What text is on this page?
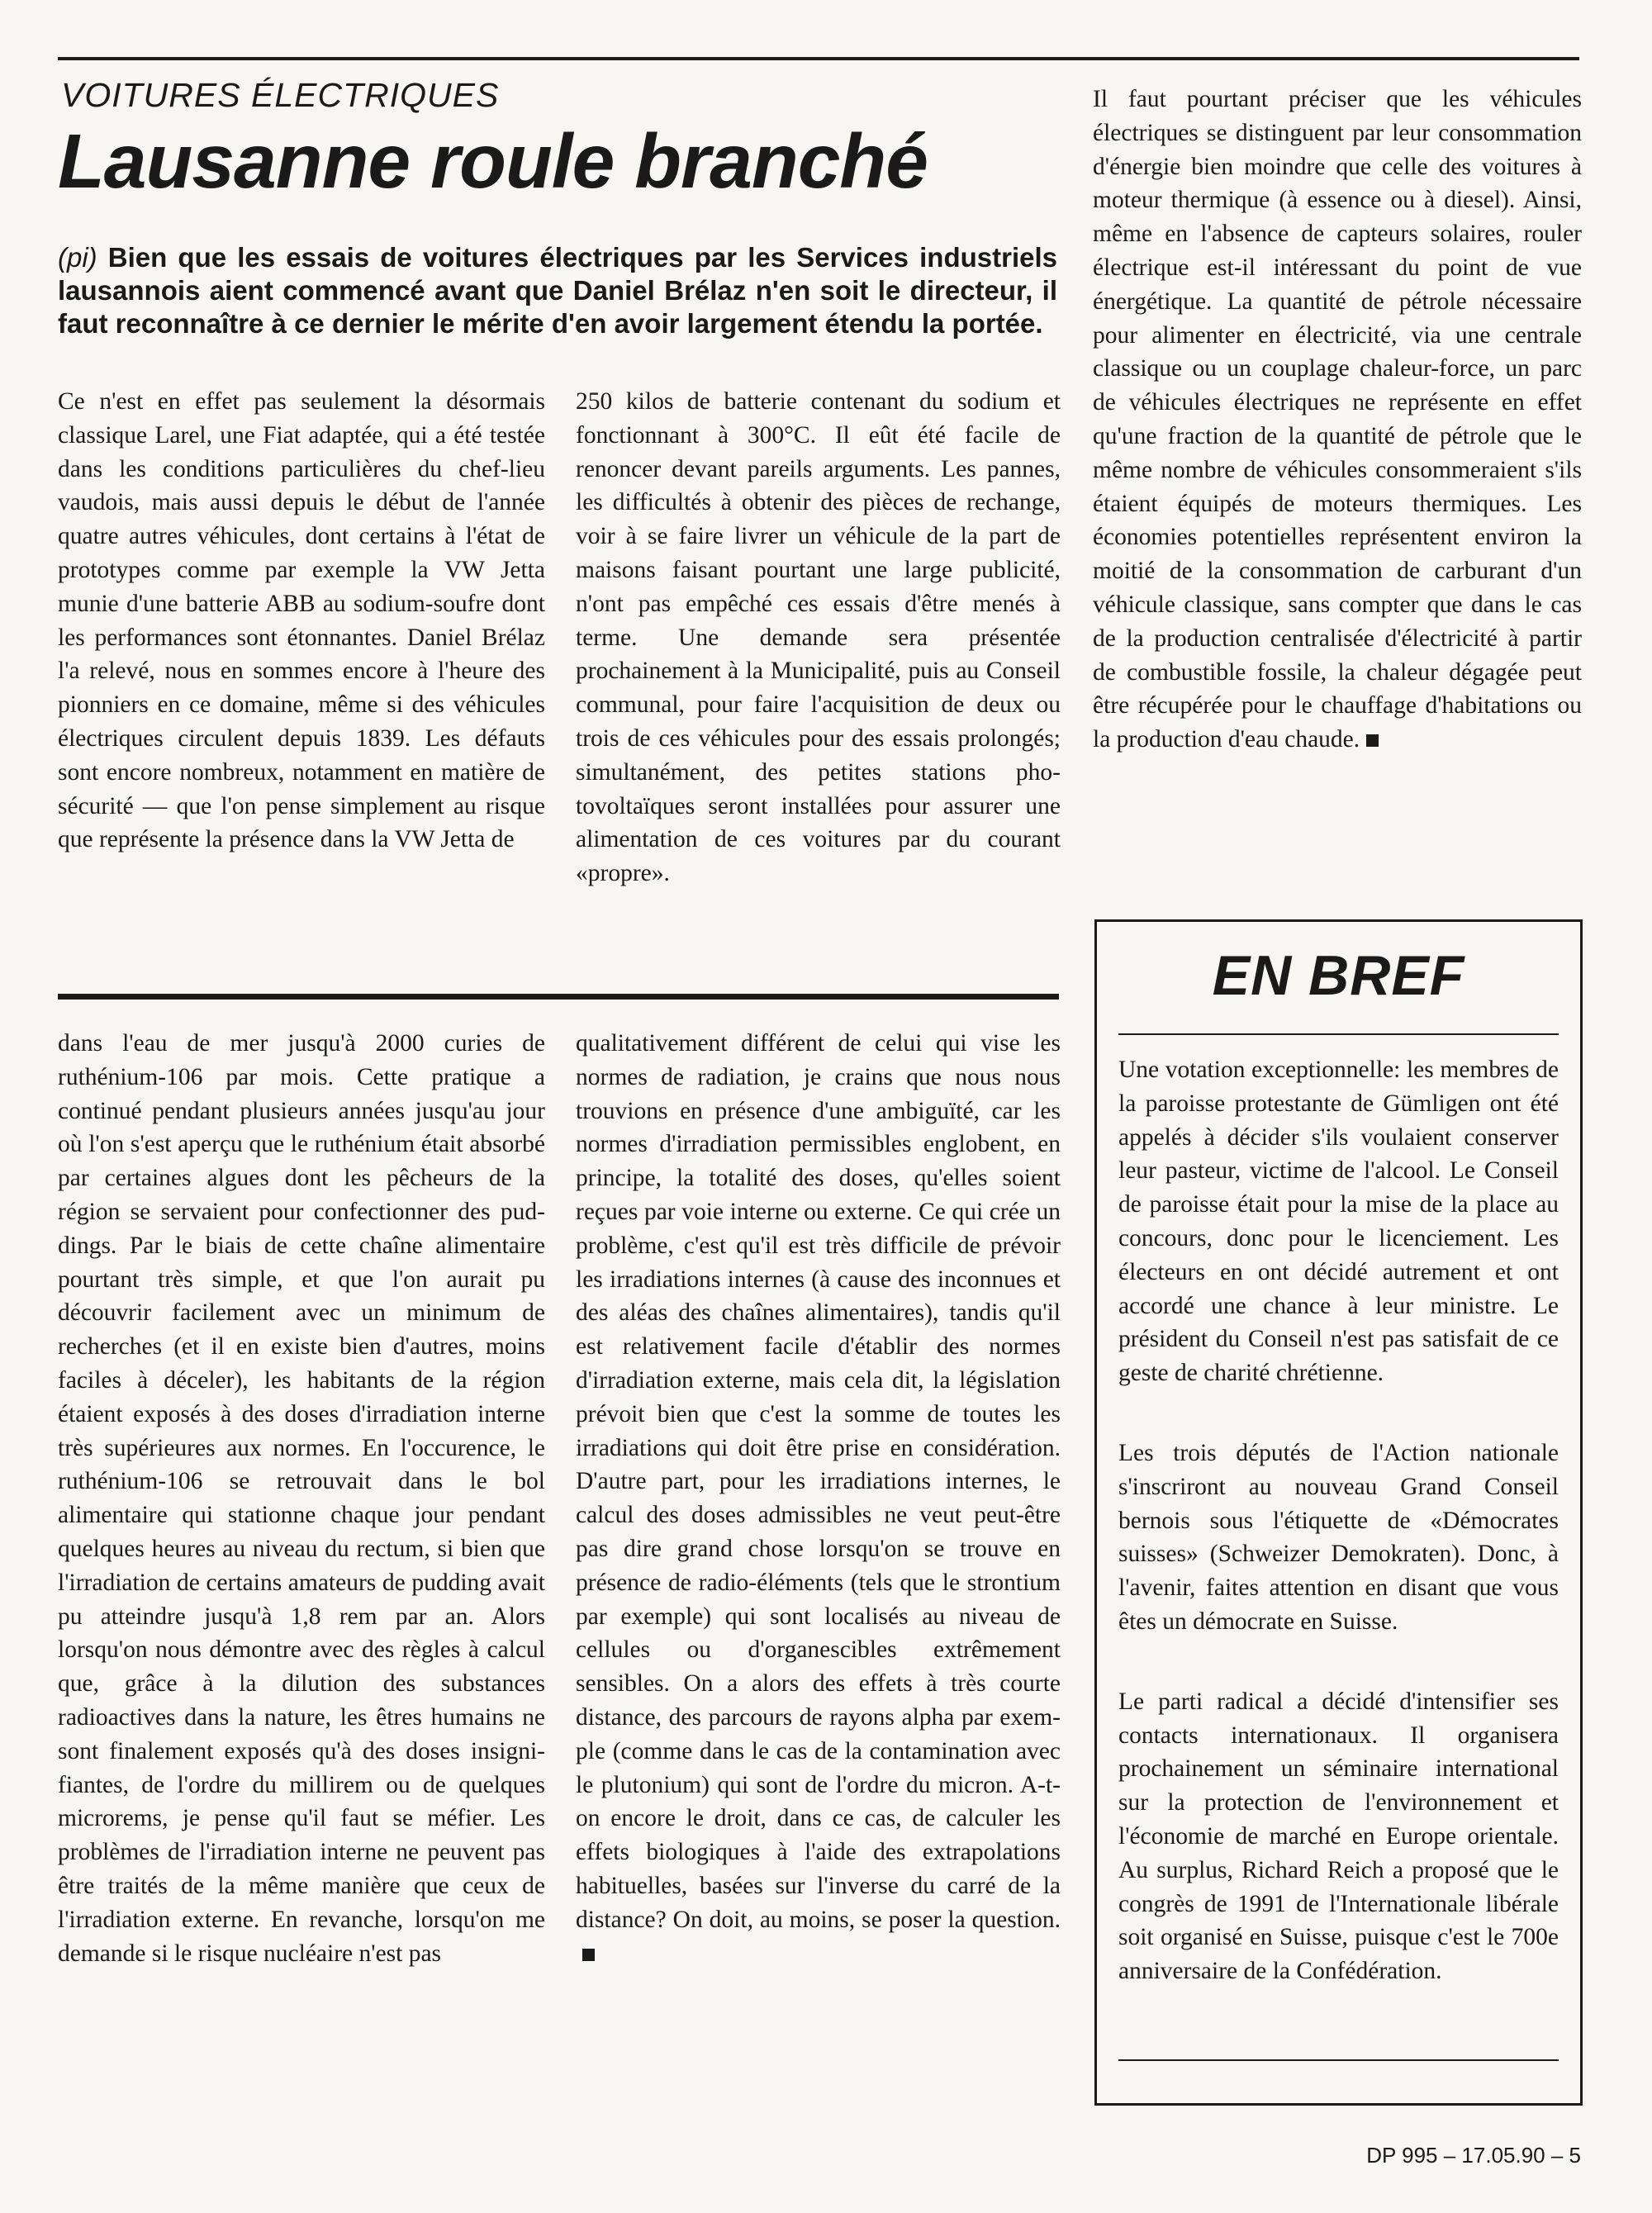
VOITURES ÉLECTRIQUES
Lausanne roule branché
(pi) Bien que les essais de voitures électriques par les Services industriels lausannois aient commencé avant que Daniel Brélaz n'en soit le directeur, il faut reconnaître à ce dernier le mérite d'en avoir largement étendu la portée.

Ce n'est en effet pas seulement la désormais classique Larel, une Fiat adaptée, qui a été testée dans les conditions particulières du chef-lieu vaudois, mais aussi depuis le début de l'année quatre autres véhicules, dont certains à l'état de prototypes comme par exemple la VW Jetta munie d'une batterie ABB au sodium-soufre dont les performances sont étonnantes. Daniel Brélaz l'a relevé, nous en sommes encore à l'heure des pionniers en ce domaine, même si des véhicules électriques circulent depuis 1839. Les défauts sont encore nombreux, notamment en matière de sécurité — que l'on pense simplement au risque que représente la présence dans la VW Jetta de

250 kilos de batterie contenant du sodium et fonctionnant à 300°C. Il eût été facile de renoncer devant pareils arguments. Les pannes, les difficultés à obtenir des pièces de rechange, voir à se faire livrer un véhicule de la part de maisons faisant pourtant une large publicité, n'ont pas empêché ces essais d'être menés à terme. Une demande sera présentée prochainement à la Municipalité, puis au Conseil communal, pour faire l'acquisition de deux ou trois de ces véhicules pour des essais prolongés; simultanément, des petites stations photovoltaïques seront installées pour assurer une alimentation de ces voitures par du courant «propre».

Il faut pourtant préciser que les véhicules électriques se distinguent par leur consommation d'énergie bien moindre que celle des voitures à moteur thermique (à essence ou à diesel). Ainsi, même en l'absence de capteurs solaires, rouler électrique est-il intéressant du point de vue énergétique. La quantité de pétrole nécessaire pour alimenter en électricité, via une centrale classique ou un couplage chaleur-force, un parc de véhicules électriques ne représente en effet qu'une fraction de la quantité de pétrole que le même nombre de véhicules consommeraient s'ils étaient équipés de moteurs thermiques. Les économies potentielles représentent environ la moitié de la consommation de carburant d'un véhicule classique, sans compter que dans le cas de la production centralisée d'électricité à partir de combustible fossile, la chaleur dégagée peut être récupérée pour le chauffage d'habitations ou la production d'eau chaude.

dans l'eau de mer jusqu'à 2000 curies de ruthénium-106 par mois. Cette pratique a continué pendant plusieurs années jusqu'au jour où l'on s'est aperçu que le ruthénium était absorbé par certaines algues dont les pêcheurs de la région se servaient pour confectionner des puddings. Par le biais de cette chaîne alimentaire pourtant très simple, et que l'on aurait pu découvrir facilement avec un minimum de recherches (et il en existe bien d'autres, moins faciles à déceler), les habitants de la région étaient exposés à des doses d'irradiation interne très supérieures aux normes. En l'occurence, le ruthénium-106 se retrouvait dans le bol alimentaire qui stationne chaque jour pendant quelques heures au niveau du rectum, si bien que l'irradiation de certains amateurs de pudding avait pu atteindre jusqu'à 1,8 rem par an. Alors lorsqu'on nous démontre avec des règles à calcul que, grâce à la dilution des substances radioactives dans la nature, les êtres humains ne sont finalement exposés qu'à des doses insignifiantes, de l'ordre du millirem ou de quelques microrems, je pense qu'il faut se méfier. Les problèmes de l'irradiation interne ne peuvent pas être traités de la même manière que ceux de l'irradiation externe. En revanche, lorsqu'on me demande si le risque nucléaire n'est pas

qualitativement différent de celui qui vise les normes de radiation, je crains que nous nous trouvions en présence d'une ambiguïté, car les normes d'irradiation permissibles englobent, en principe, la totalité des doses, qu'elles soient reçues par voie interne ou externe. Ce qui crée un problème, c'est qu'il est très difficile de prévoir les irradiations internes (à cause des inconnues et des aléas des chaînes alimentaires), tandis qu'il est relativement facile d'établir des normes d'irradiation externe, mais cela dit, la législation prévoit bien que c'est la somme de toutes les irradiations qui doit être prise en considération. D'autre part, pour les irradiations internes, le calcul des doses admissibles ne veut peut-être pas dire grand chose lorsqu'on se trouve en présence de radio-éléments (tels que le strontium par exemple) qui sont localisés au niveau de cellules ou d'organescibles extrêmement sensibles. On a alors des effets à très courte distance, des parcours de rayons alpha par exemple (comme dans le cas de la contamination avec le plutonium) qui sont de l'ordre du micron. A-t-on encore le droit, dans ce cas, de calculer les effets biologiques à l'aide des extrapolations habituelles, basées sur l'inverse du carré de la distance? On doit, au moins, se poser la question.

EN BREF

Une votation exceptionnelle: les membres de la paroisse protestante de Gümligen ont été appelés à décider s'ils voulaient conserver leur pasteur, victime de l'alcool. Le Conseil de paroisse était pour la mise de la place au concours, donc pour le licenciement. Les électeurs en ont décidé autrement et ont accordé une chance à leur ministre. Le président du Conseil n'est pas satisfait de ce geste de charité chrétienne.

Les trois députés de l'Action nationale s'inscriront au nouveau Grand Conseil bernois sous l'étiquette de «Démocrates suisses» (Schweizer Demokraten). Donc, à l'avenir, faites attention en disant que vous êtes un démocrate en Suisse.

Le parti radical a décidé d'intensifier ses contacts internationaux. Il organisera prochainement un séminaire international sur la protection de l'environnement et l'économie de marché en Europe orientale. Au surplus, Richard Reich a proposé que le congrès de 1991 de l'Internationale libérale soit organisé en Suisse, puisque c'est le 700e anniversaire de la Confédération.

DP 995 – 17.05.90 – 5
